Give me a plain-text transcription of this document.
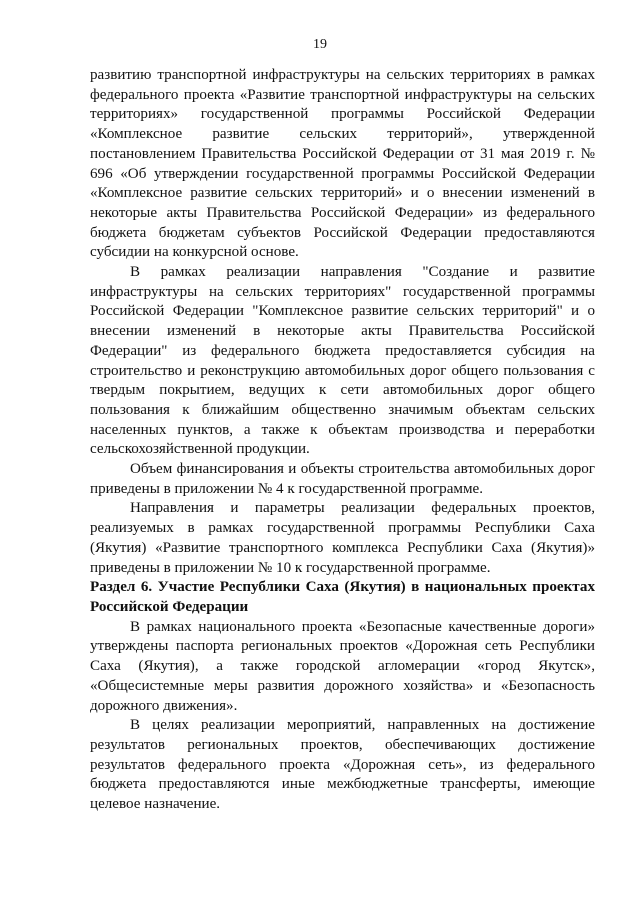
19

развитию транспортной инфраструктуры на сельских территориях в рамках федерального проекта «Развитие транспортной инфраструктуры на сельских территориях» государственной программы Российской Федерации «Комплексное развитие сельских территорий», утвержденной постановлением Правительства Российской Федерации от 31 мая 2019 г. № 696 «Об утверждении государственной программы Российской Федерации «Комплексное развитие сельских территорий» и о внесении изменений в некоторые акты Правительства Российской Федерации» из федерального бюджета бюджетам субъектов Российской Федерации предоставляются субсидии на конкурсной основе.

В рамках реализации направления "Создание и развитие инфраструктуры на сельских территориях" государственной программы Российской Федерации "Комплексное развитие сельских территорий" и о внесении изменений в некоторые акты Правительства Российской Федерации" из федерального бюджета предоставляется субсидия на строительство и реконструкцию автомобильных дорог общего пользования с твердым покрытием, ведущих к сети автомобильных дорог общего пользования к ближайшим общественно значимым объектам сельских населенных пунктов, а также к объектам производства и переработки сельскохозяйственной продукции.

Объем финансирования и объекты строительства автомобильных дорог приведены в приложении № 4 к государственной программе.

Направления и параметры реализации федеральных проектов, реализуемых в рамках государственной программы Республики Саха (Якутия) «Развитие транспортного комплекса Республики Саха (Якутия)» приведены в приложении № 10 к государственной программе.

Раздел 6. Участие Республики Саха (Якутия) в национальных проектах Российской Федерации

В рамках национального проекта «Безопасные качественные дороги» утверждены паспорта региональных проектов «Дорожная сеть Республики Саха (Якутия), а также городской агломерации «город Якутск», «Общесистемные меры развития дорожного хозяйства» и «Безопасность дорожного движения».

В целях реализации мероприятий, направленных на достижение результатов региональных проектов, обеспечивающих достижение результатов федерального проекта «Дорожная сеть», из федерального бюджета предоставляются иные межбюджетные трансферты, имеющие целевое назначение.
